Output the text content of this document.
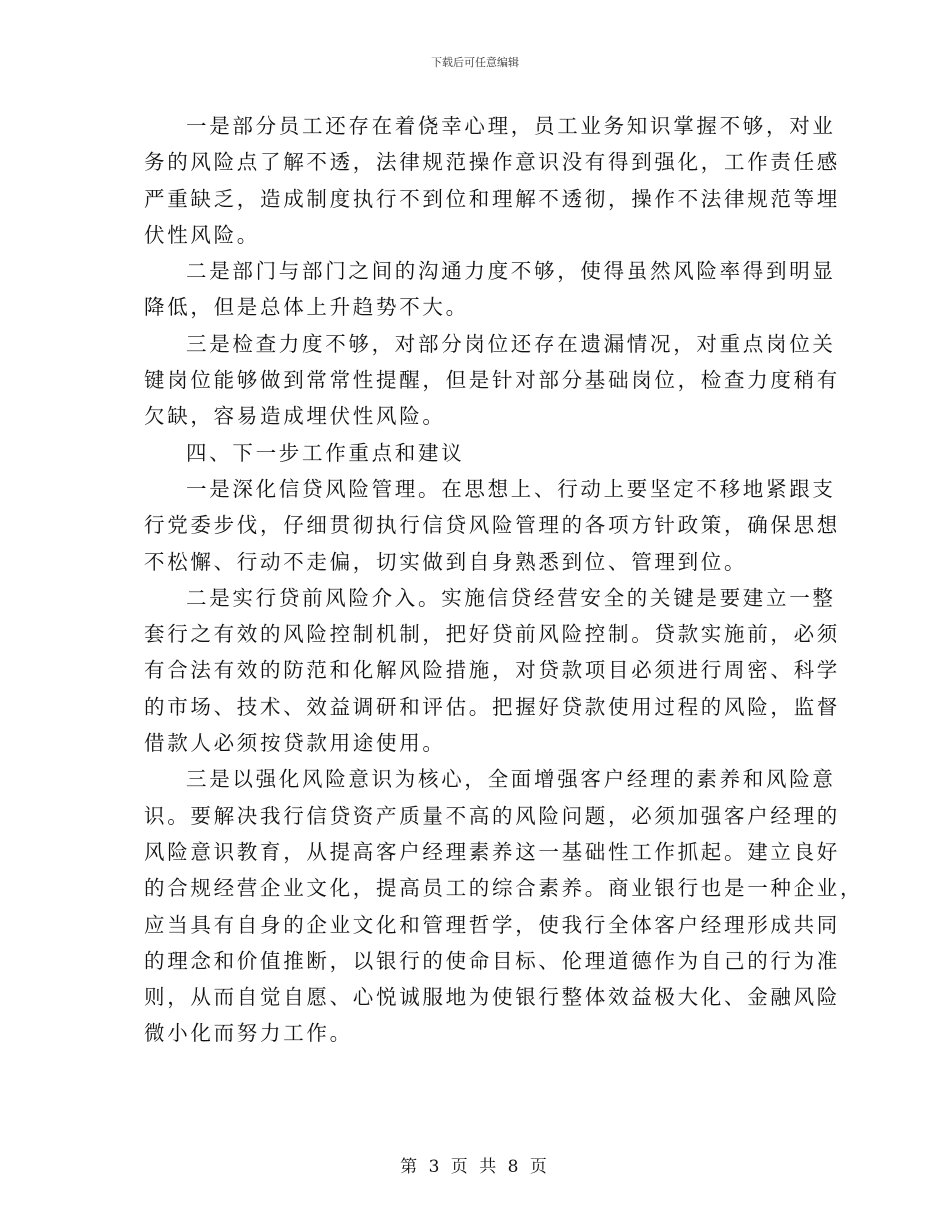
下载后可任意编辑
一是部分员工还存在着侥幸心理，员工业务知识掌握不够，对业
务的风险点了解不透，法律规范操作意识没有得到强化，工作责任感
严重缺乏，造成制度执行不到位和理解不透彻，操作不法律规范等埋
伏性风险。
二是部门与部门之间的沟通力度不够，使得虽然风险率得到明显
降低，但是总体上升趋势不大。
三是检查力度不够，对部分岗位还存在遗漏情况，对重点岗位关
键岗位能够做到常常性提醒，但是针对部分基础岗位，检查力度稍有
欠缺，容易造成埋伏性风险。
四、下一步工作重点和建议
一是深化信贷风险管理。在思想上、行动上要坚定不移地紧跟支
行党委步伐，仔细贯彻执行信贷风险管理的各项方针政策，确保思想
不松懈、行动不走偏，切实做到自身熟悉到位、管理到位。
二是实行贷前风险介入。实施信贷经营安全的关键是要建立一整
套行之有效的风险控制机制，把好贷前风险控制。贷款实施前，必须
有合法有效的防范和化解风险措施，对贷款项目必须进行周密、科学
的市场、技术、效益调研和评估。把握好贷款使用过程的风险，监督
借款人必须按贷款用途使用。
三是以强化风险意识为核心，全面增强客户经理的素养和风险意
识。要解决我行信贷资产质量不高的风险问题，必须加强客户经理的
风险意识教育，从提高客户经理素养这一基础性工作抓起。建立良好
的合规经营企业文化，提高员工的综合素养。商业银行也是一种企业，
应当具有自身的企业文化和管理哲学，使我行全体客户经理形成共同
的理念和价值推断，以银行的使命目标、伦理道德作为自己的行为准
则，从而自觉自愿、心悦诚服地为使银行整体效益极大化、金融风险
微小化而努力工作。
第 3 页 共 8 页
